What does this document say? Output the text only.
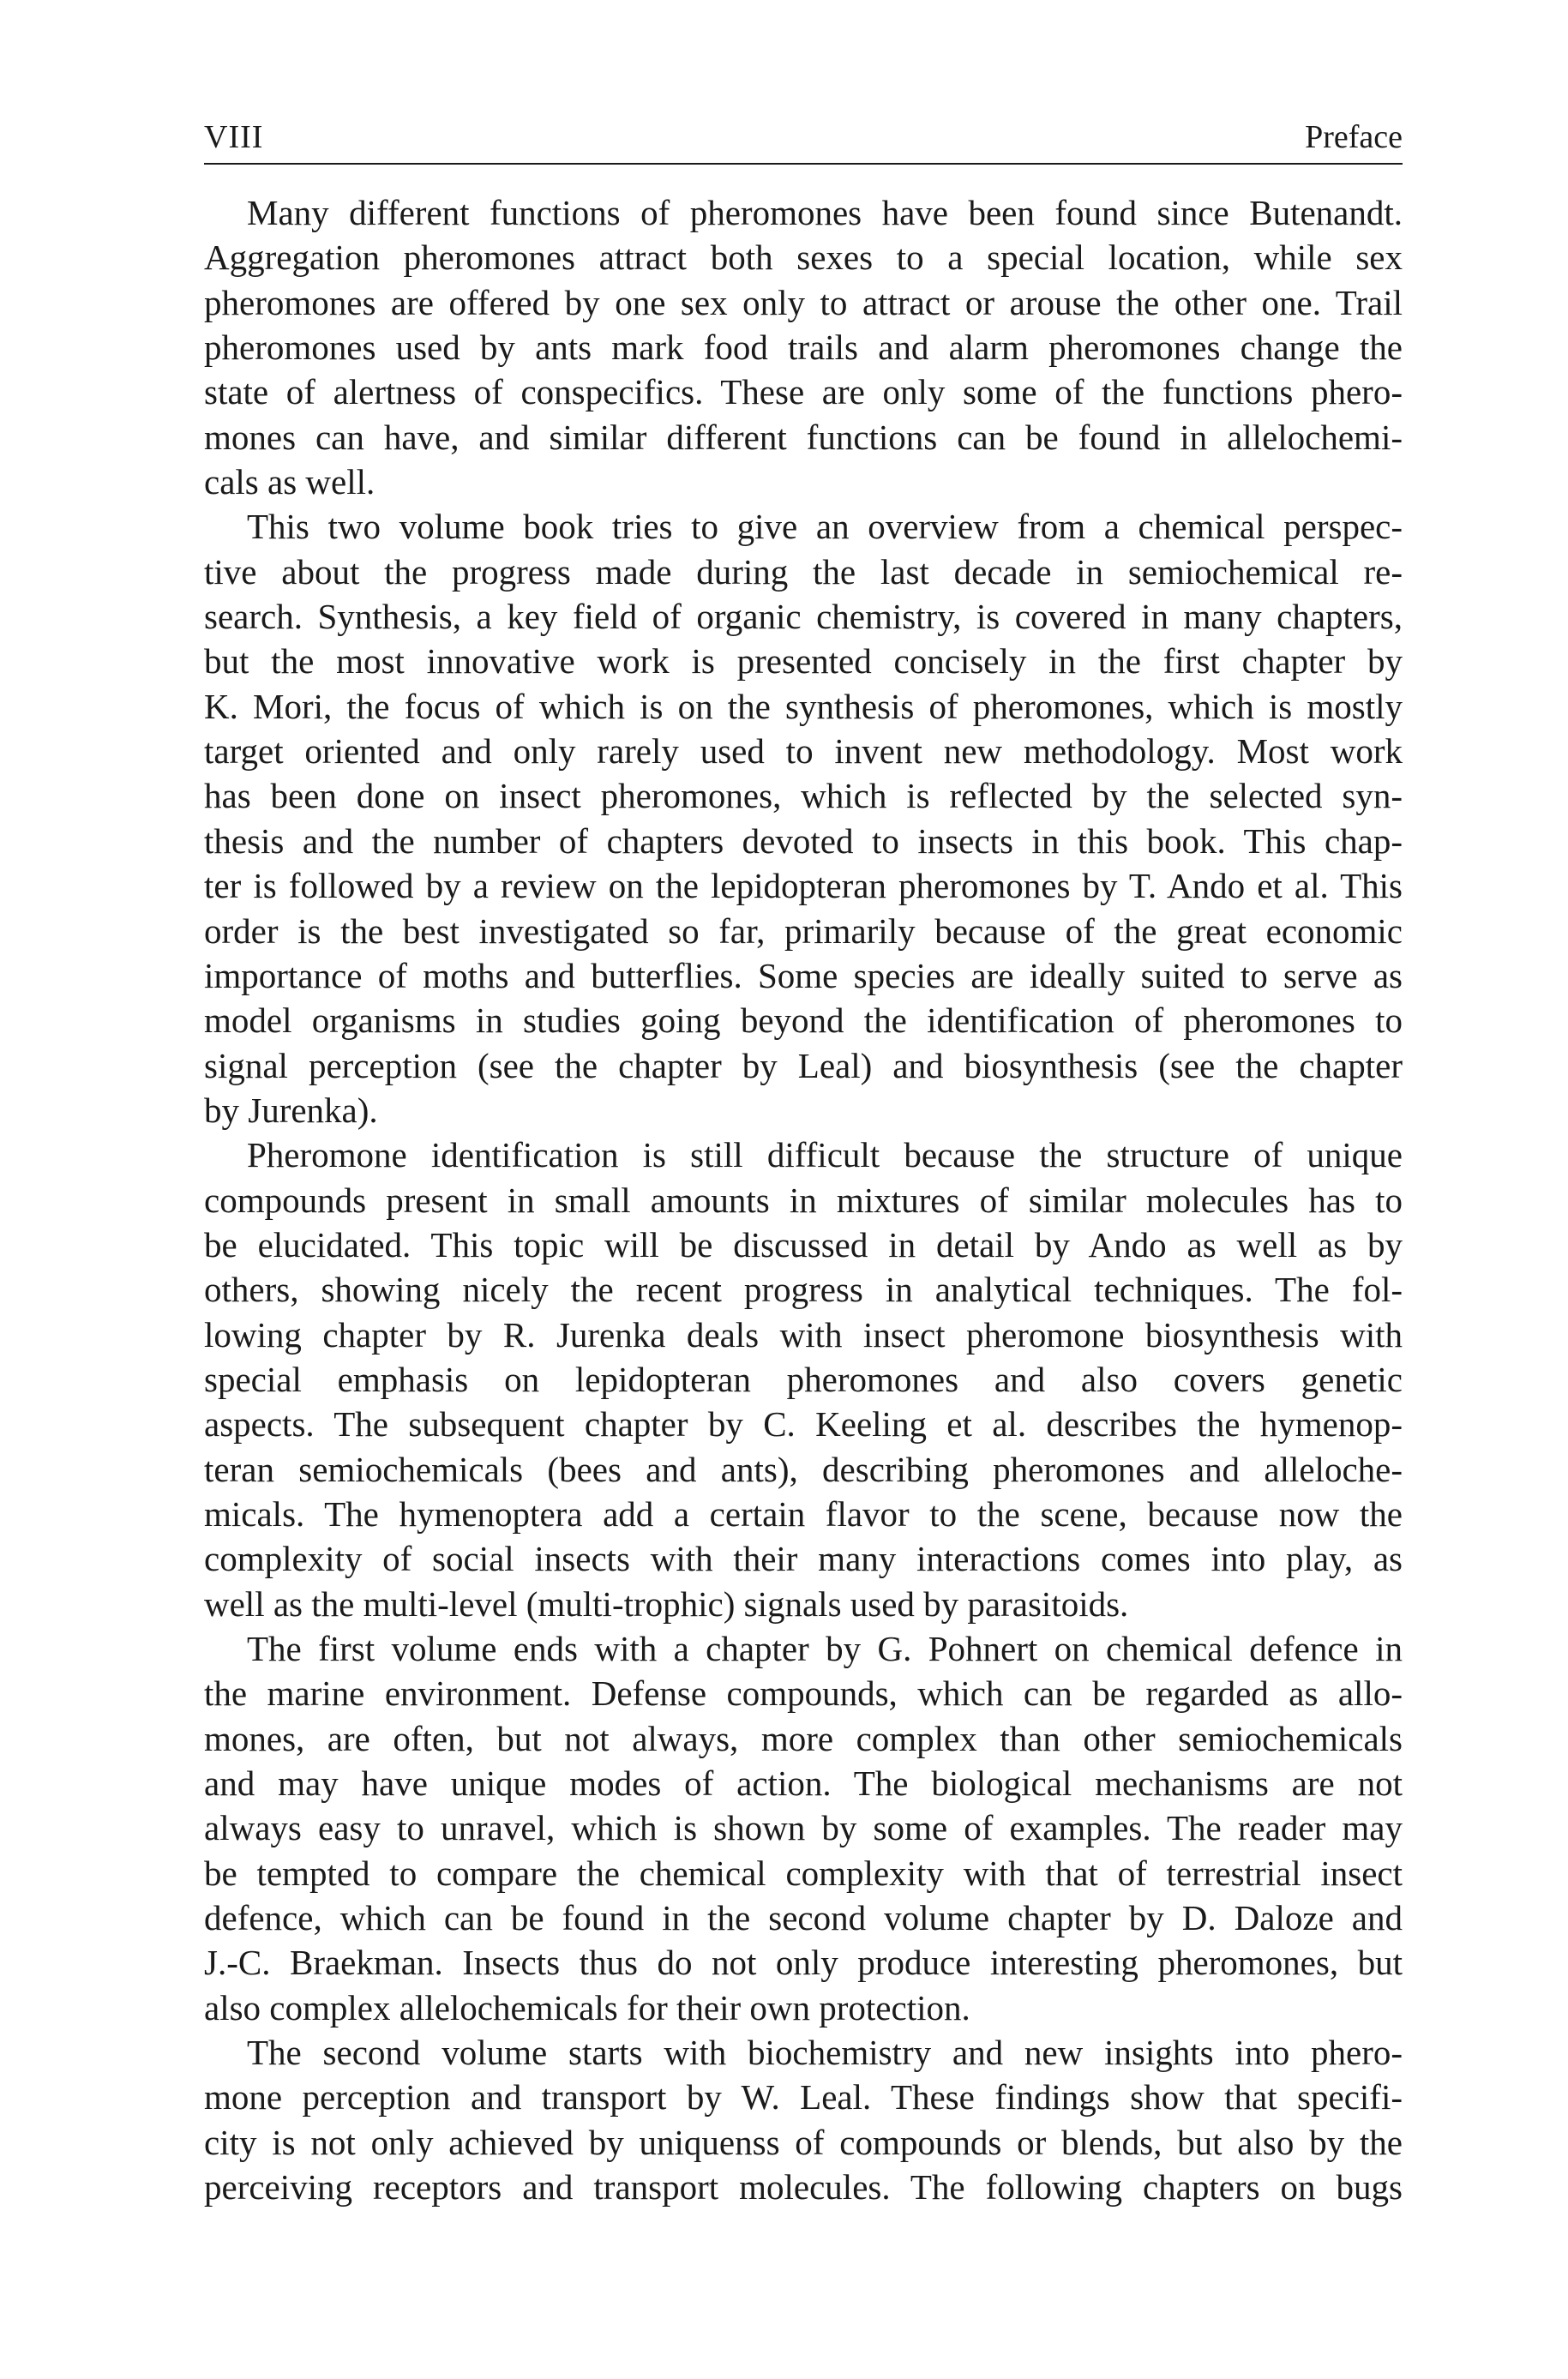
VIII	Preface
Many different functions of pheromones have been found since Butenandt.
Aggregation pheromones attract both sexes to a special location, while sex
pheromones are offered by one sex only to attract or arouse the other one. Trail
pheromones used by ants mark food trails and alarm pheromones change the
state of alertness of conspecifics. These are only some of the functions phero-
mones can have, and similar different functions can be found in allelochemi-
cals as well.
This two volume book tries to give an overview from a chemical perspec-
tive about the progress made during the last decade in semiochemical re-
search. Synthesis, a key field of organic chemistry, is covered in many chapters,
but the most innovative work is presented concisely in the first chapter by
K. Mori, the focus of which is on the synthesis of pheromones, which is mostly
target oriented and only rarely used to invent new methodology. Most work
has been done on insect pheromones, which is reflected by the selected syn-
thesis and the number of chapters devoted to insects in this book. This chap-
ter is followed by a review on the lepidopteran pheromones by T. Ando et al. This
order is the best investigated so far, primarily because of the great economic
importance of moths and butterflies. Some species are ideally suited to serve as
model organisms in studies going beyond the identification of pheromones to
signal perception (see the chapter by Leal) and biosynthesis (see the chapter
by Jurenka).
Pheromone identification is still difficult because the structure of unique
compounds present in small amounts in mixtures of similar molecules has to
be elucidated. This topic will be discussed in detail by Ando as well as by
others, showing nicely the recent progress in analytical techniques. The fol-
lowing chapter by R. Jurenka deals with insect pheromone biosynthesis with
special emphasis on lepidopteran pheromones and also covers genetic
aspects. The subsequent chapter by C. Keeling et al. describes the hymenop-
teran semiochemicals (bees and ants), describing pheromones and alleloche-
micals. The hymenoptera add a certain flavor to the scene, because now the
complexity of social insects with their many interactions comes into play, as
well as the multi-level (multi-trophic) signals used by parasitoids.
The first volume ends with a chapter by G. Pohnert on chemical defence in
the marine environment. Defense compounds, which can be regarded as allo-
mones, are often, but not always, more complex than other semiochemicals
and may have unique modes of action. The biological mechanisms are not
always easy to unravel, which is shown by some of examples. The reader may
be tempted to compare the chemical complexity with that of terrestrial insect
defence, which can be found in the second volume chapter by D. Daloze and
J.-C. Braekman. Insects thus do not only produce interesting pheromones, but
also complex allelochemicals for their own protection.
The second volume starts with biochemistry and new insights into phero-
mone perception and transport by W. Leal. These findings show that specifi-
city is not only achieved by uniquenss of compounds or blends, but also by the
perceiving receptors and transport molecules. The following chapters on bugs
